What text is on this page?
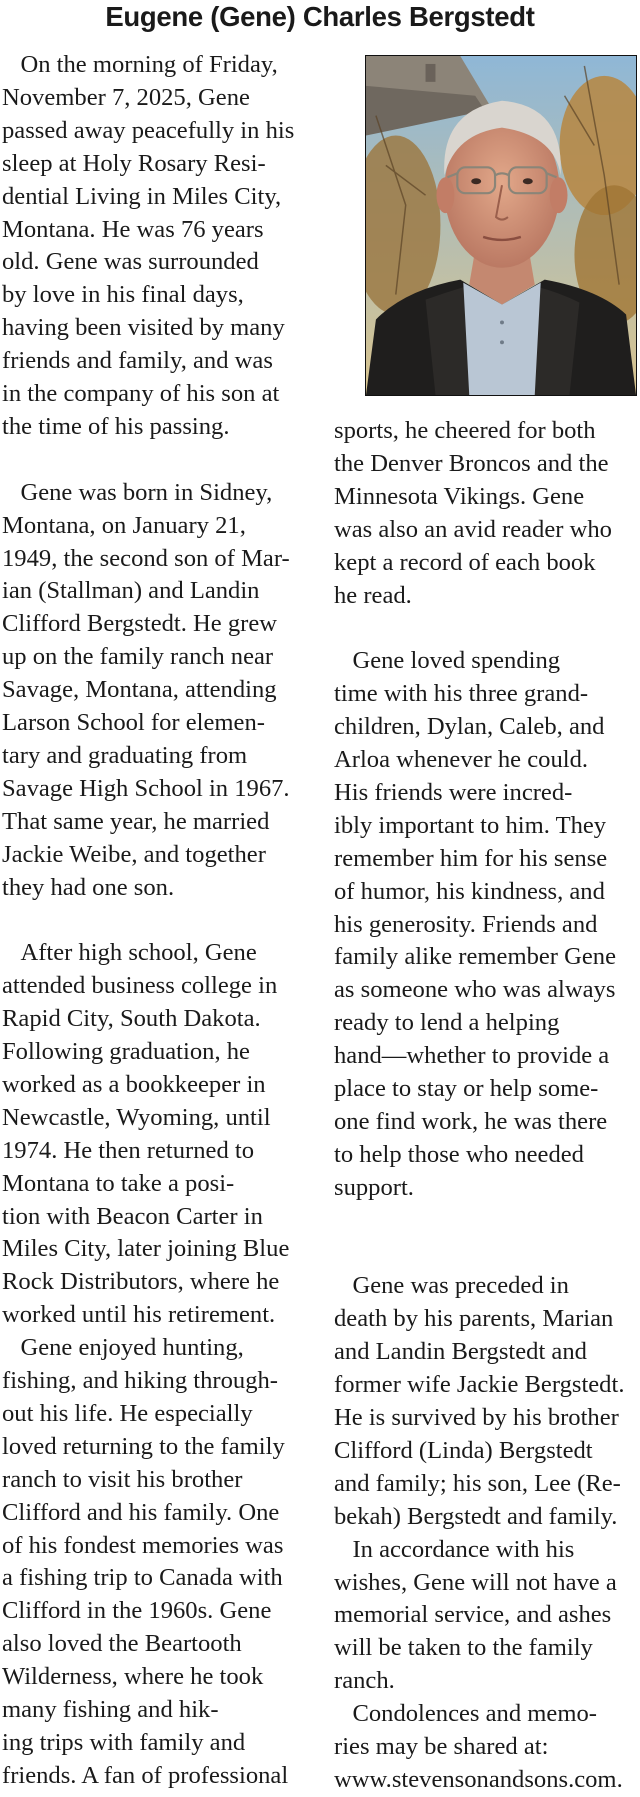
Eugene (Gene) Charles Bergstedt
On the morning of Friday,
November 7, 2025, Gene
passed away peacefully in his
sleep at Holy Rosary Resi-
dential Living in Miles City,
Montana. He was 76 years
old. Gene was surrounded
by love in his final days,
having been visited by many
friends and family, and was
in the company of his son at
the time of his passing.
Gene was born in Sidney,
Montana, on January 21,
1949, the second son of Mar-
ian (Stallman) and Landin
Clifford Bergstedt. He grew
up on the family ranch near
Savage, Montana, attending
Larson School for elemen-
tary and graduating from
Savage High School in 1967.
That same year, he married
Jackie Weibe, and together
they had one son.
After high school, Gene
attended business college in
Rapid City, South Dakota.
Following graduation, he
worked as a bookkeeper in
Newcastle, Wyoming, until
1974. He then returned to
Montana to take a posi-
tion with Beacon Carter in
Miles City, later joining Blue
Rock Distributors, where he
worked until his retirement.
Gene enjoyed hunting,
fishing, and hiking through-
out his life. He especially
loved returning to the family
ranch to visit his brother
Clifford and his family. One
of his fondest memories was
a fishing trip to Canada with
Clifford in the 1960s. Gene
also loved the Beartooth
Wilderness, where he took
many fishing and hik-
ing trips with family and
friends. A fan of professional
sports, he cheered for both
the Denver Broncos and the
Minnesota Vikings. Gene
was also an avid reader who
kept a record of each book
he read.
Gene loved spending
time with his three grand-
children, Dylan, Caleb, and
Arloa whenever he could.
His friends were incred-
ibly important to him. They
remember him for his sense
of humor, his kindness, and
his generosity. Friends and
family alike remember Gene
as someone who was always
ready to lend a helping
hand—whether to provide a
place to stay or help some-
one find work, he was there
to help those who needed
support.
Gene was preceded in
death by his parents, Marian
and Landin Bergstedt and
former wife Jackie Bergstedt.
He is survived by his brother
Clifford (Linda) Bergstedt
and family; his son, Lee (Re-
bekah) Bergstedt and family.
In accordance with his
wishes, Gene will not have a
memorial service, and ashes
will be taken to the family
ranch.
Condolences and memo-
ries may be shared at:
www.stevensonandsons.com.
